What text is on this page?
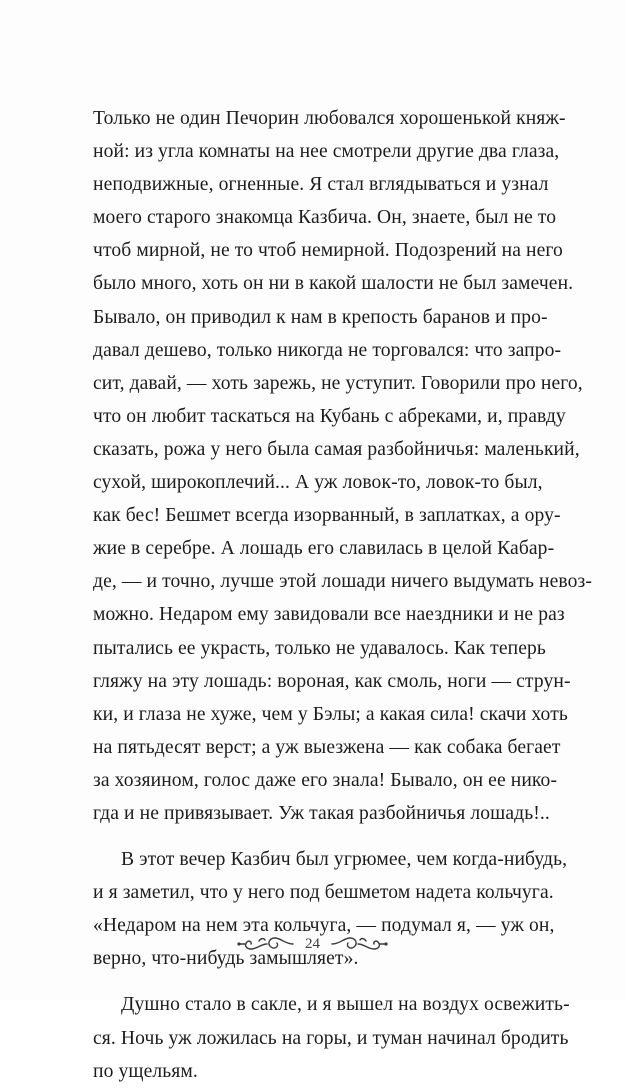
Только не один Печорин любовался хорошенькой княж-
ной: из угла комнаты на нее смотрели другие два глаза,
неподвижные, огненные. Я стал вглядываться и узнал
моего старого знакомца Казбича. Он, знаете, был не то
чтоб мирной, не то чтоб немирной. Подозрений на него
было много, хоть он ни в какой шалости не был замечен.
Бывало, он приводил к нам в крепость баранов и про-
давал дешево, только никогда не торговался: что запро-
сит, давай, — хоть зарежь, не уступит. Говорили про него,
что он любит таскаться на Кубань с абреками, и, правду
сказать, рожа у него была самая разбойничья: маленький,
сухой, широкоплечий... А уж ловок-то, ловок-то был,
как бес! Бешмет всегда изорванный, в заплатках, а ору-
жие в серебре. А лошадь его славилась в целой Кабар-
де, — и точно, лучше этой лошади ничего выдумать невоз-
можно. Недаром ему завидовали все наездники и не раз
пытались ее украсть, только не удавалось. Как теперь
гляжу на эту лошадь: вороная, как смоль, ноги — струн-
ки, и глаза не хуже, чем у Бэлы; а какая сила! скачи хоть
на пятьдесят верст; а уж выезжена — как собака бегает
за хозяином, голос даже его знала! Бывало, он ее нико-
гда и не привязывает. Уж такая разбойничья лошадь!..
В этот вечер Казбич был угрюмее, чем когда-нибудь,
и я заметил, что у него под бешметом надета кольчуга.
«Недаром на нем эта кольчуга, — подумал я, — уж он,
верно, что-нибудь замышляет».
Душно стало в сакле, и я вышел на воздух освежить-
ся. Ночь уж ложилась на горы, и туман начинал бродить
по ущельям.
24
